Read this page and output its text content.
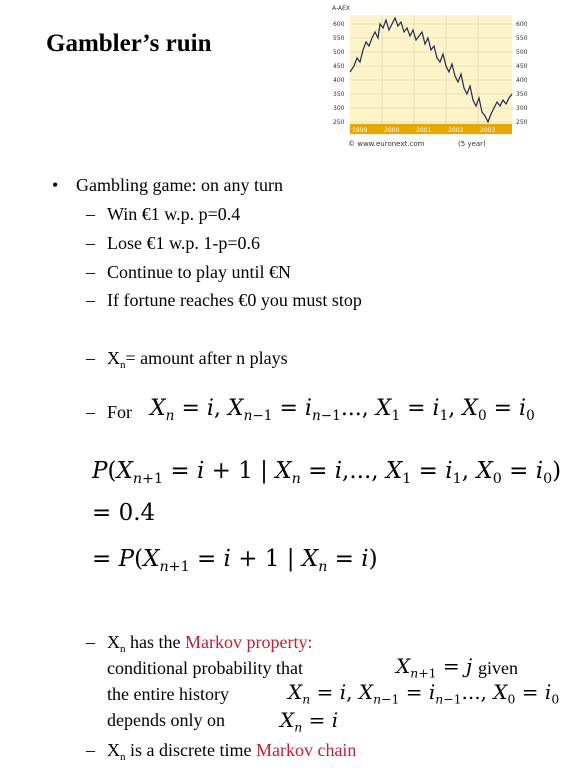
Gambler’s ruin
A-AEX
600
550
500
450
400
350
300
250
600
550
500
450
400
350
300
250
1999	2000	2001	2002	2003
© www.euronext.com	(5 year)
• Gambling game: on any turn
– Win €1 w.p. p=0.4
– Lose €1 w.p. 1-p=0.6
– Continue to play until €N
– If fortune reaches €0 you must stop
– $X_n=$ amount after n plays
– For $X_n = i$, $X_{n-1} = i_{n-1}$..., $X_1 = i_1$, $X_0 = i_0$
$P(X_{n+1} = i + 1$ | $X_n = i$,..., $X_1 = i_1$, $X_0 = i_0$)
= 0.4
= $P(X_{n+1} = i + 1$ | $X_n = i$)
– $X_n$ has the Markov property:
conditional probability that	$X_{n+1} = j$ given
the entire history	$X_n = i$, $X_{n-1} = i_{n-1}$..., $X_0 = i_0$
depends only on	$X_n = i$
– $X_n$ is a discrete time Markov chain
